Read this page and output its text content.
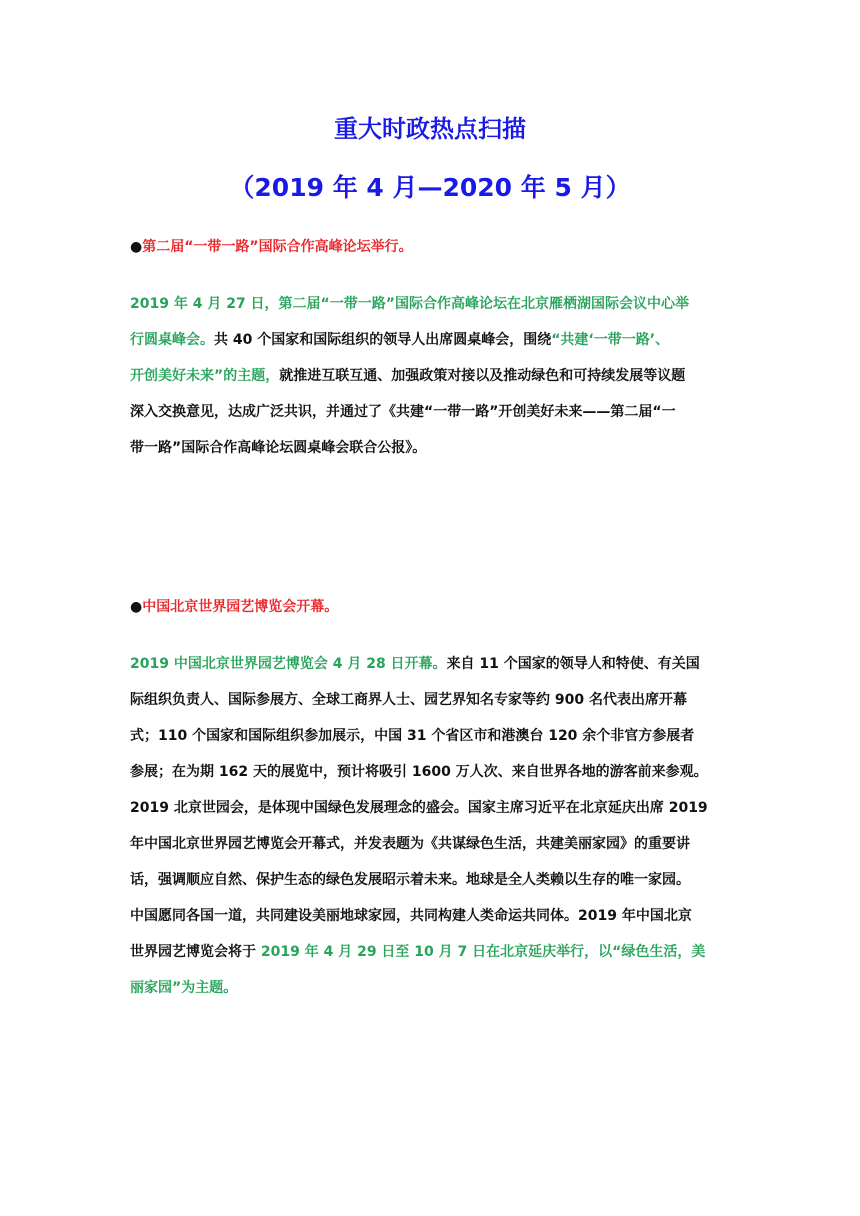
重大时政热点扫描
（2019 年 4 月—2020 年 5 月）
●第二届“一带一路”国际合作高峰论坛举行。
2019 年 4 月 27 日，第二届“一带一路”国际合作高峰论坛在北京雁栖湖国际会议中心举
行圆桌峰会。共 40 个国家和国际组织的领导人出席圆桌峰会，围绕“共建‘一带一路’、
开创美好未来”的主题，就推进互联互通、加强政策对接以及推动绿色和可持续发展等议题
深入交换意见，达成广泛共识，并通过了《共建“一带一路”开创美好未来——第二届“一
带一路”国际合作高峰论坛圆桌峰会联合公报》。
●中国北京世界园艺博览会开幕。
2019 中国北京世界园艺博览会 4 月 28 日开幕。来自 11 个国家的领导人和特使、有关国
际组织负责人、国际参展方、全球工商界人士、园艺界知名专家等约 900 名代表出席开幕
式；110 个国家和国际组织参加展示，中国 31 个省区市和港澳台 120 余个非官方参展者
参展；在为期 162 天的展览中，预计将吸引 1600 万人次、来自世界各地的游客前来参观。
2019 北京世园会，是体现中国绿色发展理念的盛会。国家主席习近平在北京延庆出席 2019
年中国北京世界园艺博览会开幕式，并发表题为《共谋绿色生活，共建美丽家园》的重要讲
话，强调顺应自然、保护生态的绿色发展昭示着未来。地球是全人类赖以生存的唯一家园。
中国愿同各国一道，共同建设美丽地球家园，共同构建人类命运共同体。2019 年中国北京
世界园艺博览会将于 2019 年 4 月 29 日至 10 月 7 日在北京延庆举行，以“绿色生活，美
丽家园”为主题。
